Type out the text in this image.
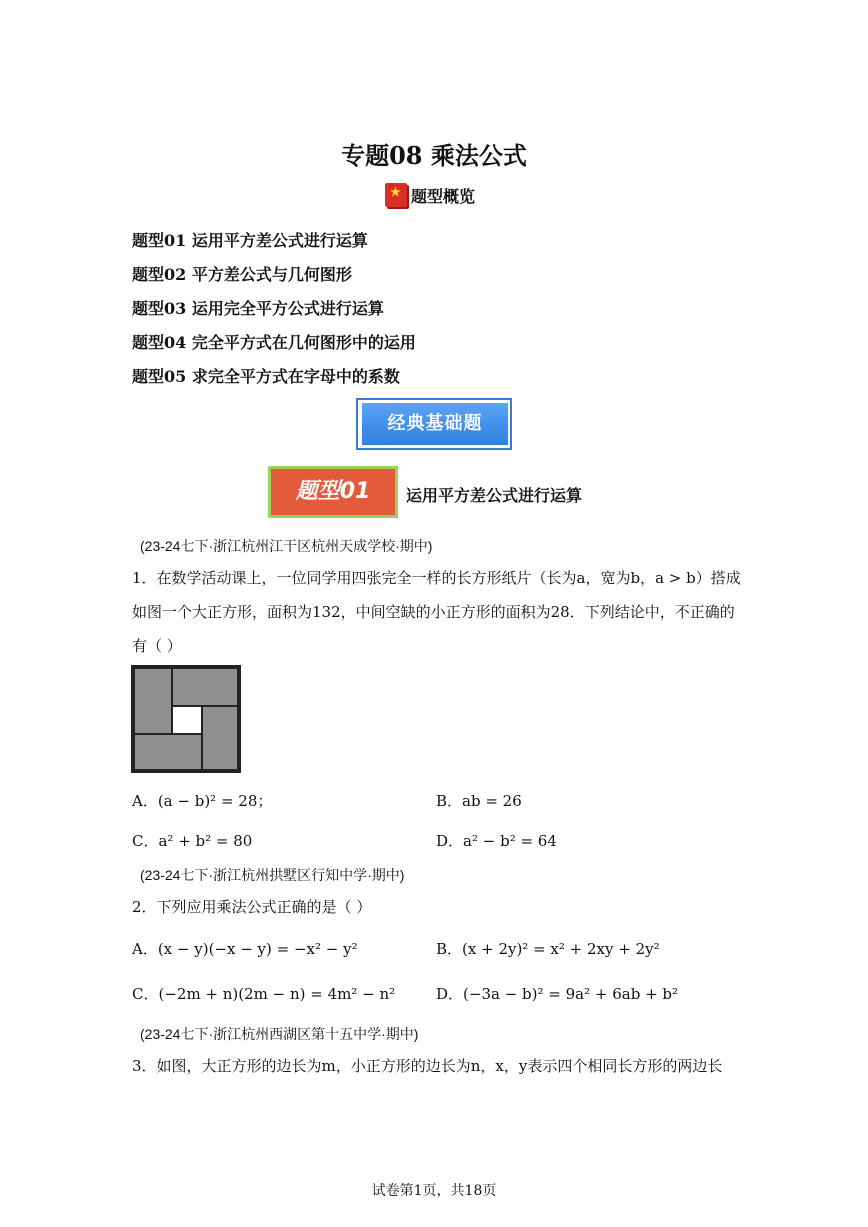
专题08 乘法公式
★ 题型概览
题型01 运用平方差公式进行运算
题型02 平方差公式与几何图形
题型03 运用完全平方公式进行运算
题型04 完全平方式在几何图形中的运用
题型05 求完全平方式在字母中的系数
经典基础题
题型01	运用平方差公式进行运算
(23-24七下·浙江杭州江干区杭州天成学校·期中)
1．在数学活动课上，一位同学用四张完全一样的长方形纸片（长为a，宽为b，a > b）搭成如图一个大正方形，面积为132，中间空缺的小正方形的面积为28．下列结论中，不正确的有（ ）
A．(a − b)² = 28；	B．ab = 26
C．a² + b² = 80	D．a² − b² = 64
(23-24七下·浙江杭州拱墅区行知中学·期中)
2．下列应用乘法公式正确的是（ ）
A．(x − y)(−x − y) = −x² − y²	B．(x + 2y)² = x² + 2xy + 2y²
C．(−2m + n)(2m − n) = 4m² − n²	D．(−3a − b)² = 9a² + 6ab + b²
(23-24七下·浙江杭州西湖区第十五中学·期中)
3．如图，大正方形的边长为m，小正方形的边长为n，x，y表示四个相同长方形的两边长
试卷第1页，共18页
